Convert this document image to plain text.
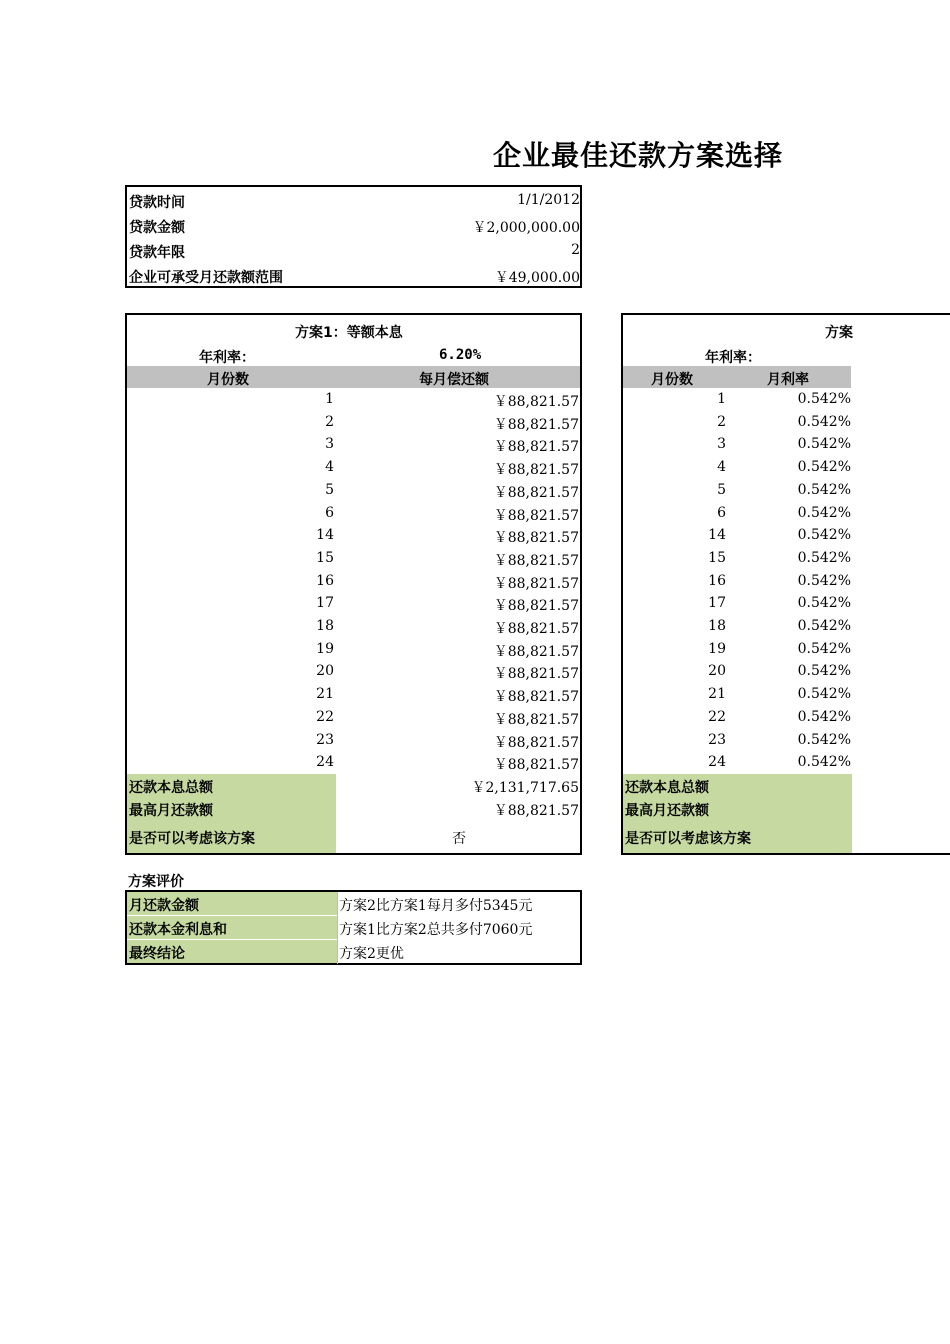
企业最佳还款方案选择
贷款时间	1/1/2012
贷款金额	￥2,000,000.00
贷款年限	2
企业可承受月还款额范围	￥49,000.00
方案1：等额本息
年利率：	6.20%
月份数	每月偿还额
1	￥88,821.57
2	￥88,821.57
3	￥88,821.57
4	￥88,821.57
5	￥88,821.57
6	￥88,821.57
14	￥88,821.57
15	￥88,821.57
16	￥88,821.57
17	￥88,821.57
18	￥88,821.57
19	￥88,821.57
20	￥88,821.57
21	￥88,821.57
22	￥88,821.57
23	￥88,821.57
24	￥88,821.57
还款本息总额	￥2,131,717.65
最高月还款额	￥88,821.57
是否可以考虑该方案	否
方案
年利率：
月份数	月利率
1	0.542%
2	0.542%
3	0.542%
4	0.542%
5	0.542%
6	0.542%
14	0.542%
15	0.542%
16	0.542%
17	0.542%
18	0.542%
19	0.542%
20	0.542%
21	0.542%
22	0.542%
23	0.542%
24	0.542%
还款本息总额
最高月还款额
是否可以考虑该方案
方案评价
月还款金额	方案2比方案1每月多付5345元
还款本金利息和	方案1比方案2总共多付7060元
最终结论	方案2更优
